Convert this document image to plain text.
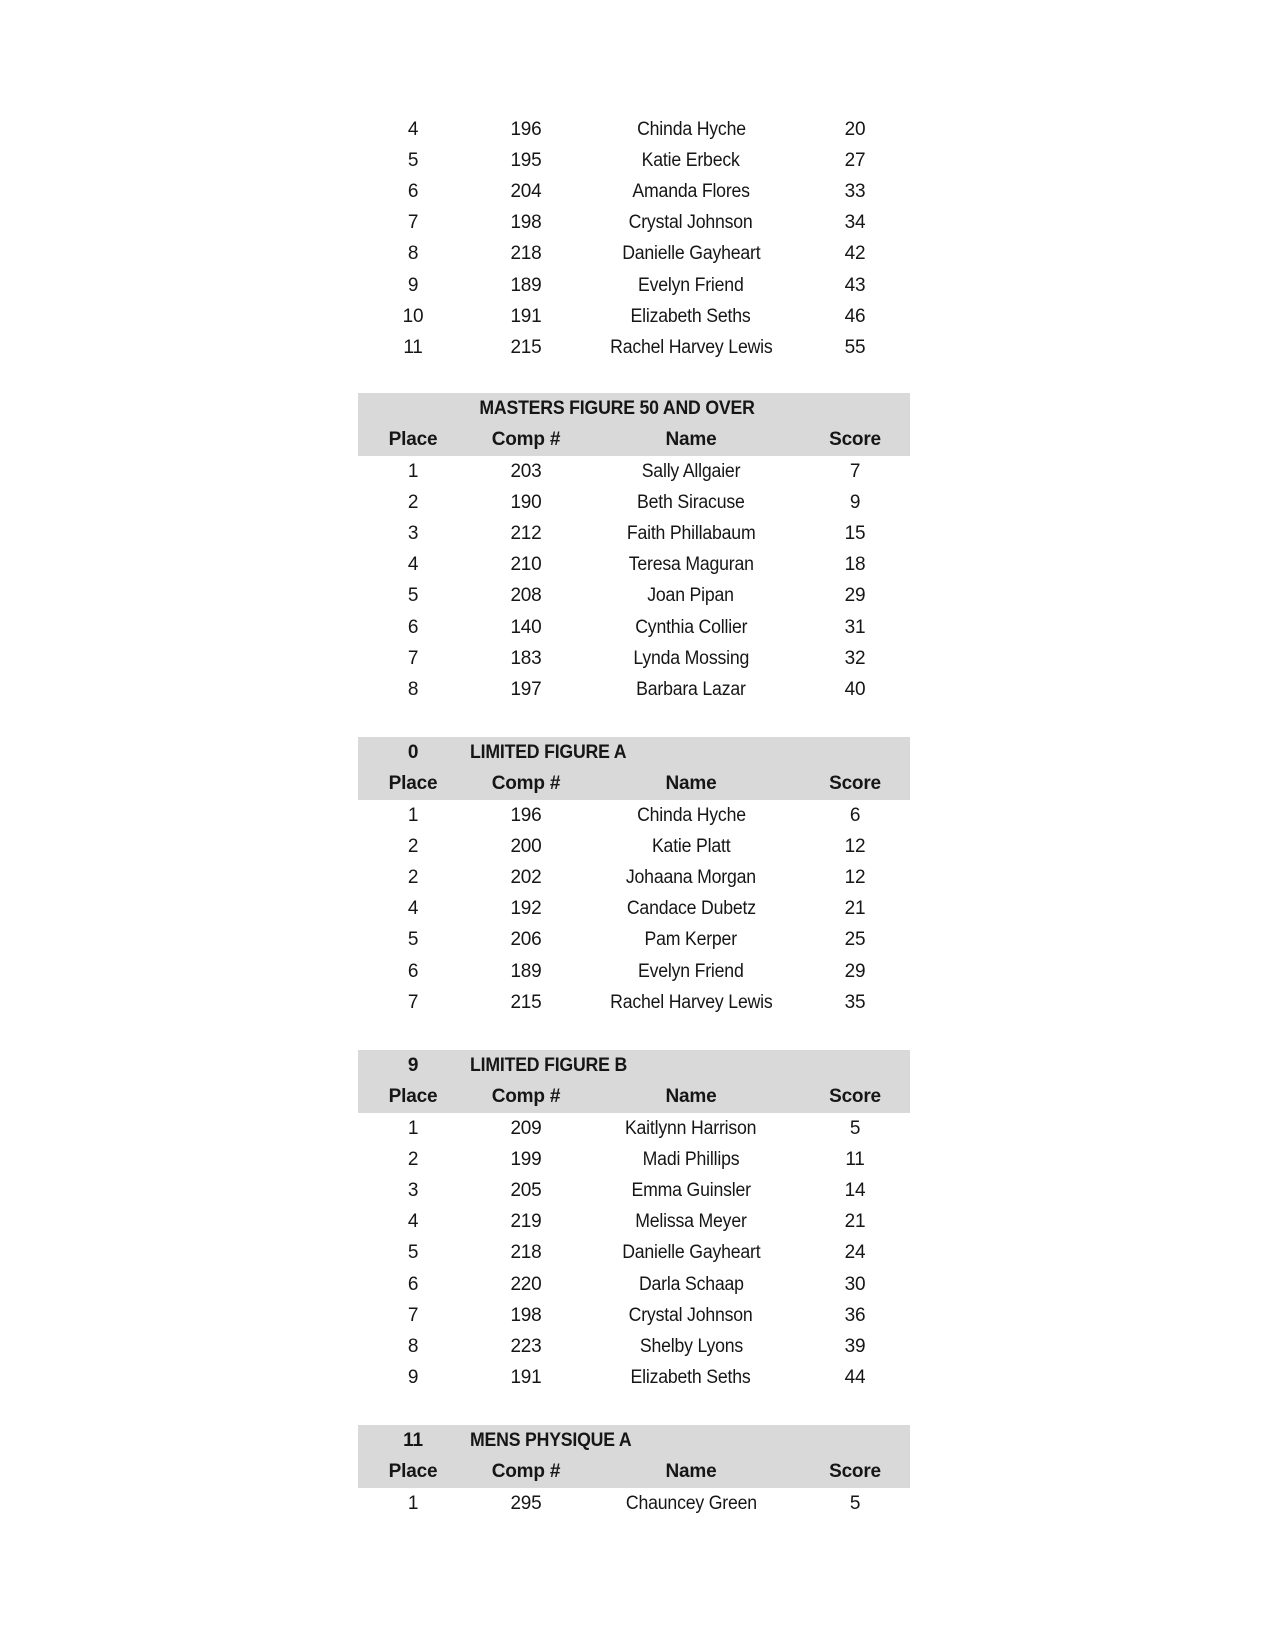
4	196	Chinda Hyche	20
5	195	Katie Erbeck	27
6	204	Amanda Flores	33
7	198	Crystal Johnson	34
8	218	Danielle Gayheart	42
9	189	Evelyn Friend	43
10	191	Elizabeth Seths	46
11	215	Rachel Harvey Lewis	55
MASTERS FIGURE 50 AND OVER
Place	Comp #	Name	Score
1	203	Sally Allgaier	7
2	190	Beth Siracuse	9
3	212	Faith Phillabaum	15
4	210	Teresa Maguran	18
5	208	Joan Pipan	29
6	140	Cynthia Collier	31
7	183	Lynda Mossing	32
8	197	Barbara Lazar	40
0	LIMITED FIGURE A
Place	Comp #	Name	Score
1	196	Chinda Hyche	6
2	200	Katie Platt	12
2	202	Johaana Morgan	12
4	192	Candace Dubetz	21
5	206	Pam Kerper	25
6	189	Evelyn Friend	29
7	215	Rachel Harvey Lewis	35
9	LIMITED FIGURE B
Place	Comp #	Name	Score
1	209	Kaitlynn Harrison	5
2	199	Madi Phillips	11
3	205	Emma Guinsler	14
4	219	Melissa Meyer	21
5	218	Danielle Gayheart	24
6	220	Darla Schaap	30
7	198	Crystal Johnson	36
8	223	Shelby Lyons	39
9	191	Elizabeth Seths	44
11	MENS PHYSIQUE A
Place	Comp #	Name	Score
1	295	Chauncey Green	5
